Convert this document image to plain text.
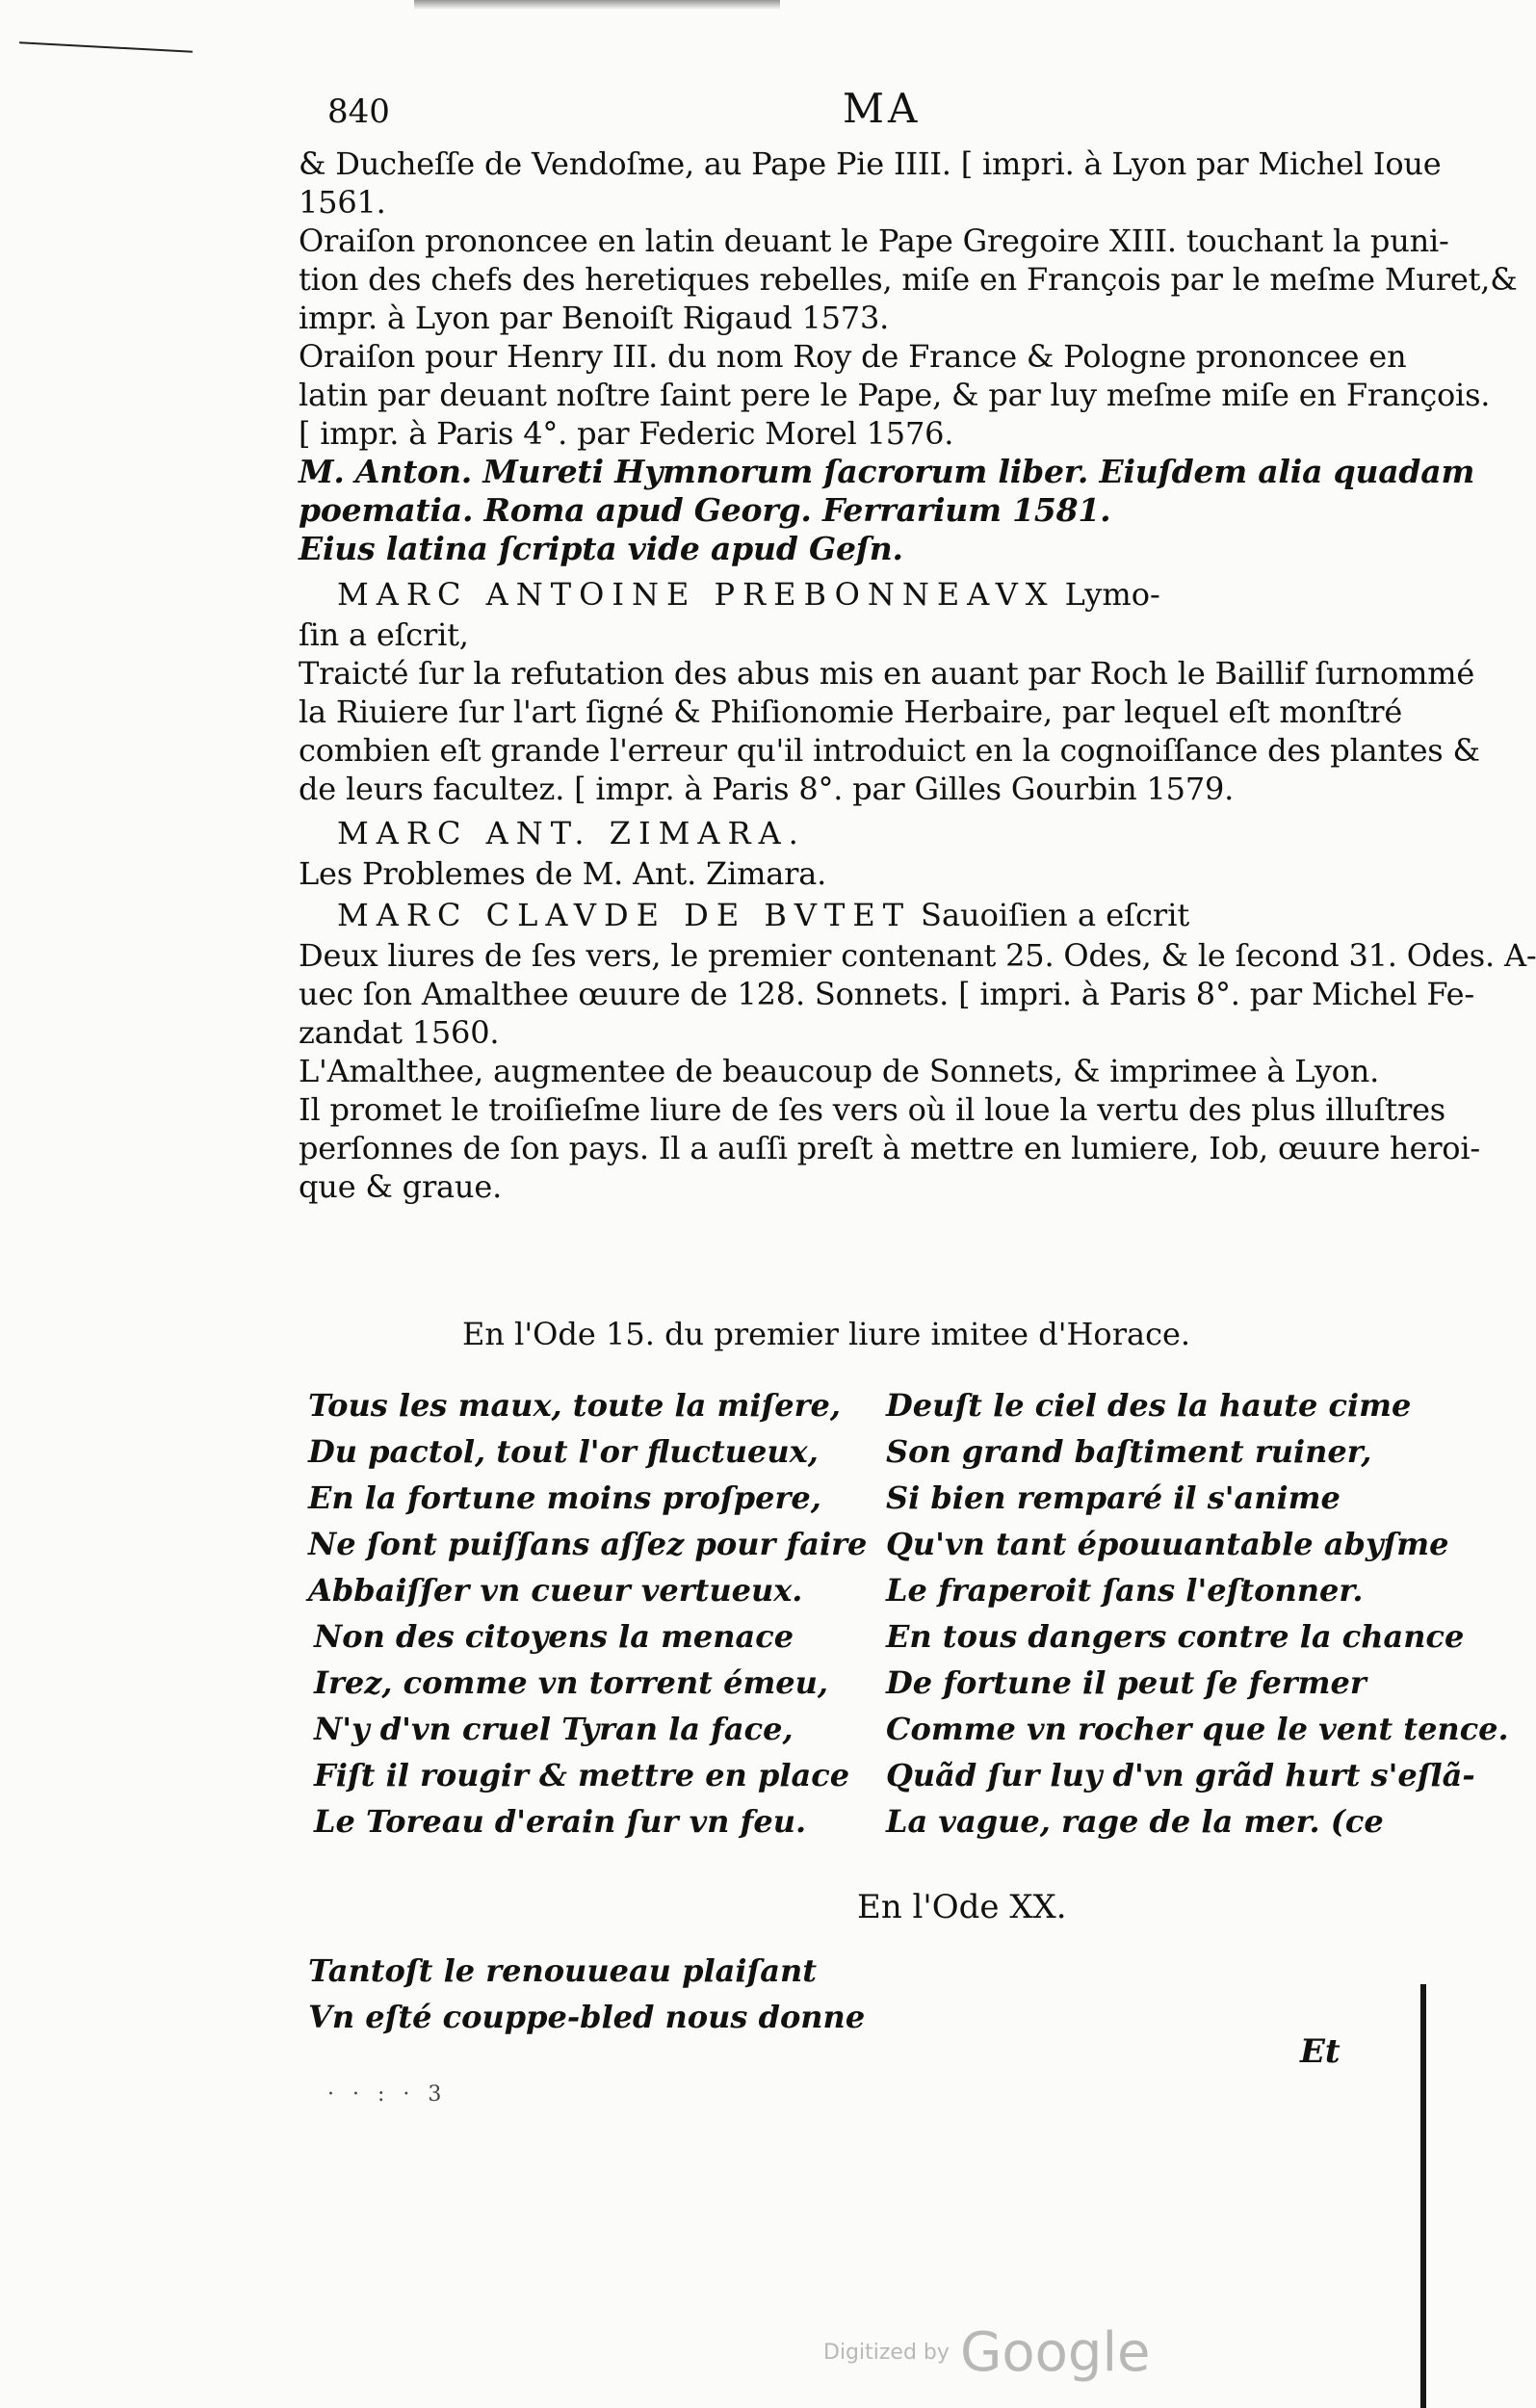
840	MA
& Ducheſſe de Vendoſme, au Pape Pie IIII. [ impri. à Lyon par Michel Ioue
1561.
Oraiſon prononcee en latin deuant le Pape Gregoire XIII. touchant la puni-
tion des chefs des heretiques rebelles, miſe en François par le meſme Muret,&
impr. à Lyon par Benoiſt Rigaud 1573.
Oraiſon pour Henry III. du nom Roy de France & Pologne prononcee en
latin par deuant noſtre ſaint pere le Pape, & par luy meſme miſe en François.
[ impr. à Paris 4°. par Federic Morel 1576.
M. Anton. Mureti Hymnorum ſacrorum liber. Eiuſdem alia quadam
poematia. Roma apud Georg. Ferrarium 1581.
Eius latina ſcripta vide apud Geſn.
MARC ANTOINE PREBONNEAVX Lymo-
ſin a eſcrit,
Traicté ſur la refutation des abus mis en auant par Roch le Baillif ſurnommé
la Riuiere ſur l'art ſigné & Phiſionomie Herbaire, par lequel eſt monſtré
combien eſt grande l'erreur qu'il introduict en la cognoiſſance des plantes &
de leurs facultez. [ impr. à Paris 8°. par Gilles Gourbin 1579.
MARC ANT. ZIMARA.
Les Problemes de M. Ant. Zimara.
MARC CLAVDE DE BVTET Sauoiſien a eſcrit
Deux liures de ſes vers, le premier contenant 25. Odes, & le ſecond 31. Odes. A-
uec ſon Amalthee œuure de 128. Sonnets. [ impri. à Paris 8°. par Michel Fe-
zandat 1560.
L'Amalthee, augmentee de beaucoup de Sonnets, & imprimee à Lyon.
Il promet le troiſieſme liure de ſes vers où il loue la vertu des plus illuſtres
perſonnes de ſon pays. Il a auſſi preſt à mettre en lumiere, Iob, œuure heroi-
que & graue.
En l'Ode 15. du premier liure imitee d'Horace.
Tous les maux, toute la miſere,
Du pactol, tout l'or fluctueux,
En la fortune moins proſpere,
Ne ſont puiſſans aſſez pour faire
Abbaiſſer vn cueur vertueux.
Non des citoyens la menace
Irez, comme vn torrent émeu,
N'y d'vn cruel Tyran la face,
Fiſt il rougir & mettre en place
Le Toreau d'erain ſur vn feu.
Deuſt le ciel des la haute cime
Son grand baſtiment ruiner,
Si bien remparé il s'anime
Qu'vn tant épouuantable abyſme
Le fraperoit ſans l'eſtonner.
En tous dangers contre la chance
De fortune il peut ſe fermer
Comme vn rocher que le vent tence.
Quãd ſur luy d'vn grãd hurt s'eſlã-
La vague, rage de la mer. (ce
En l'Ode XX.
Tantoſt le renouueau plaiſant
Vn eſté couppe-bled nous donne
Et
· · : · 3
Digitized by Google
